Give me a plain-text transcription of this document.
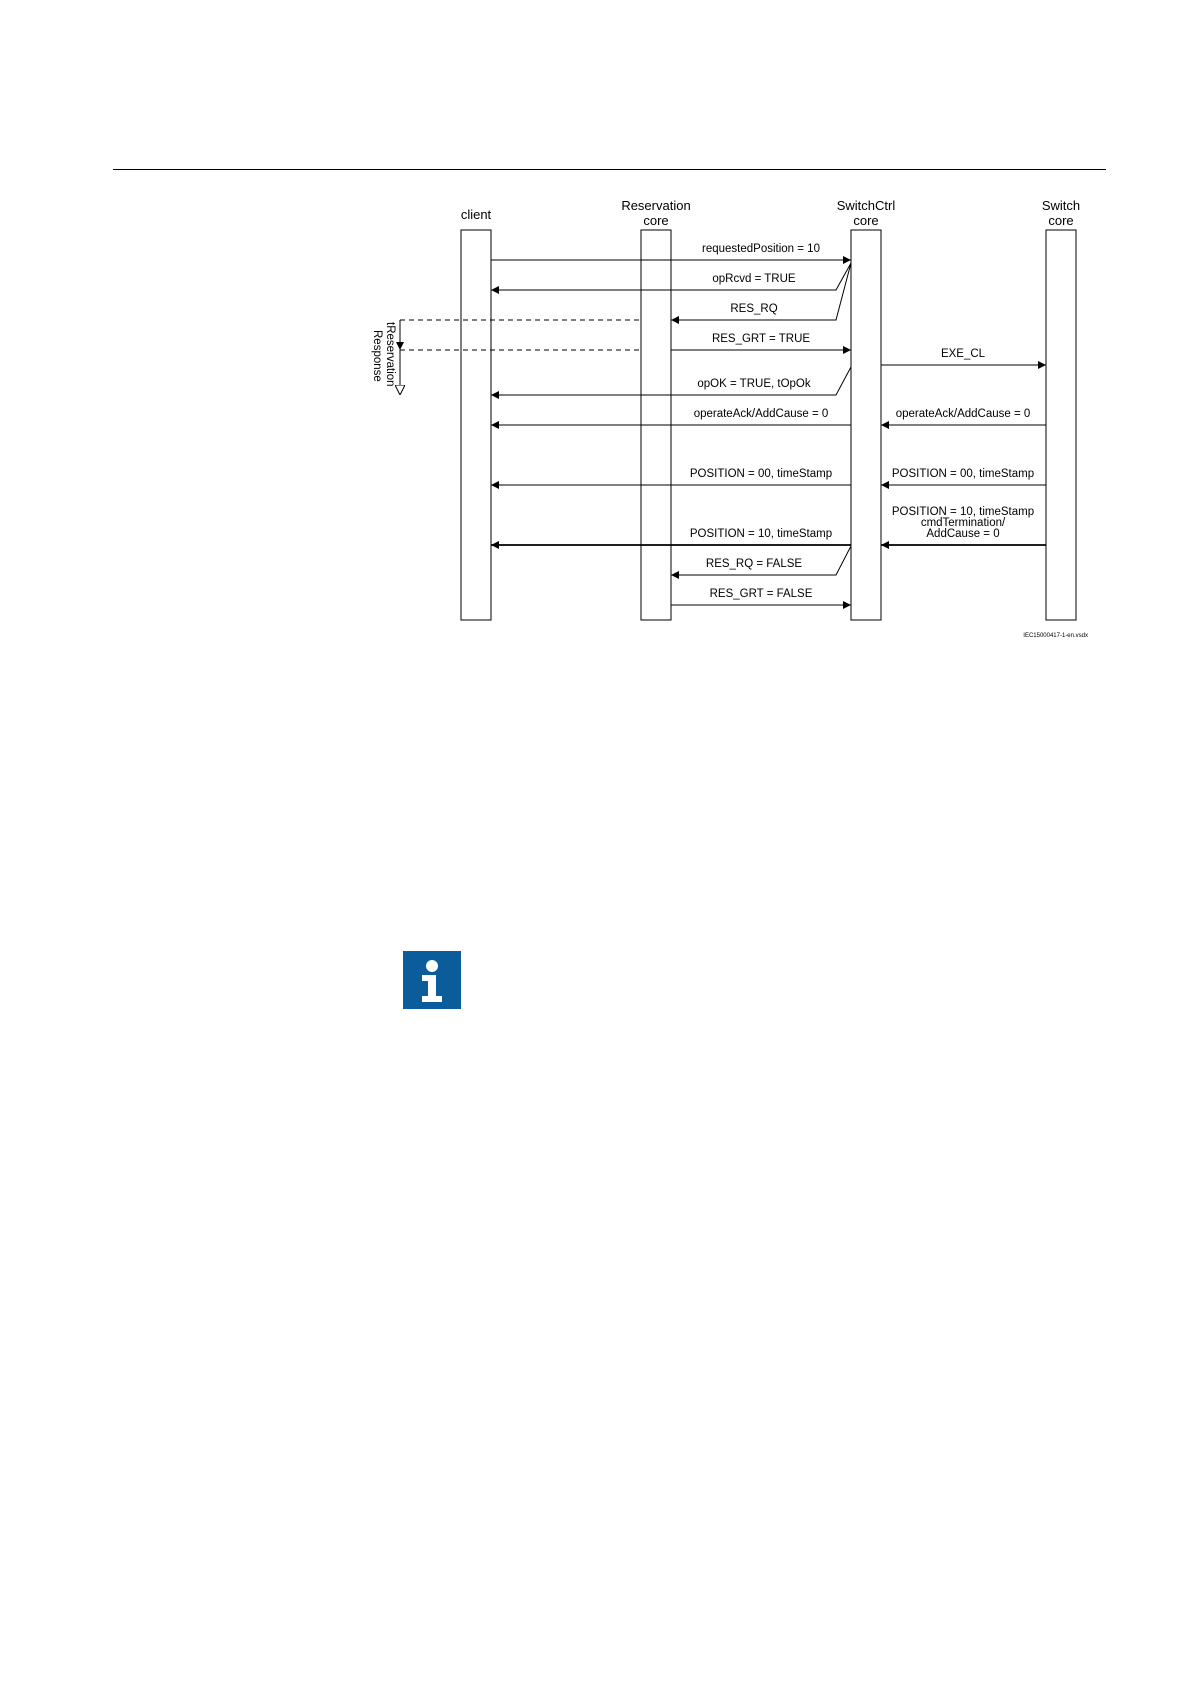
client
Reservation
core
SwitchCtrl
core
Switch
core
requestedPosition = 10
opRcvd = TRUE
RES_RQ
RES_GRT = TRUE
EXE_CL
opOK = TRUE, tOpOk
operateAck/AddCause = 0	operateAck/AddCause = 0
POSITION = 00, timeStamp	POSITION = 00, timeStamp
POSITION = 10, timeStamp
POSITION = 10, timeStamp
cmdTermination/
AddCause = 0
RES_RQ = FALSE
RES_GRT = FALSE
tReservation
Response
IEC15000417-1-en.vsdx
